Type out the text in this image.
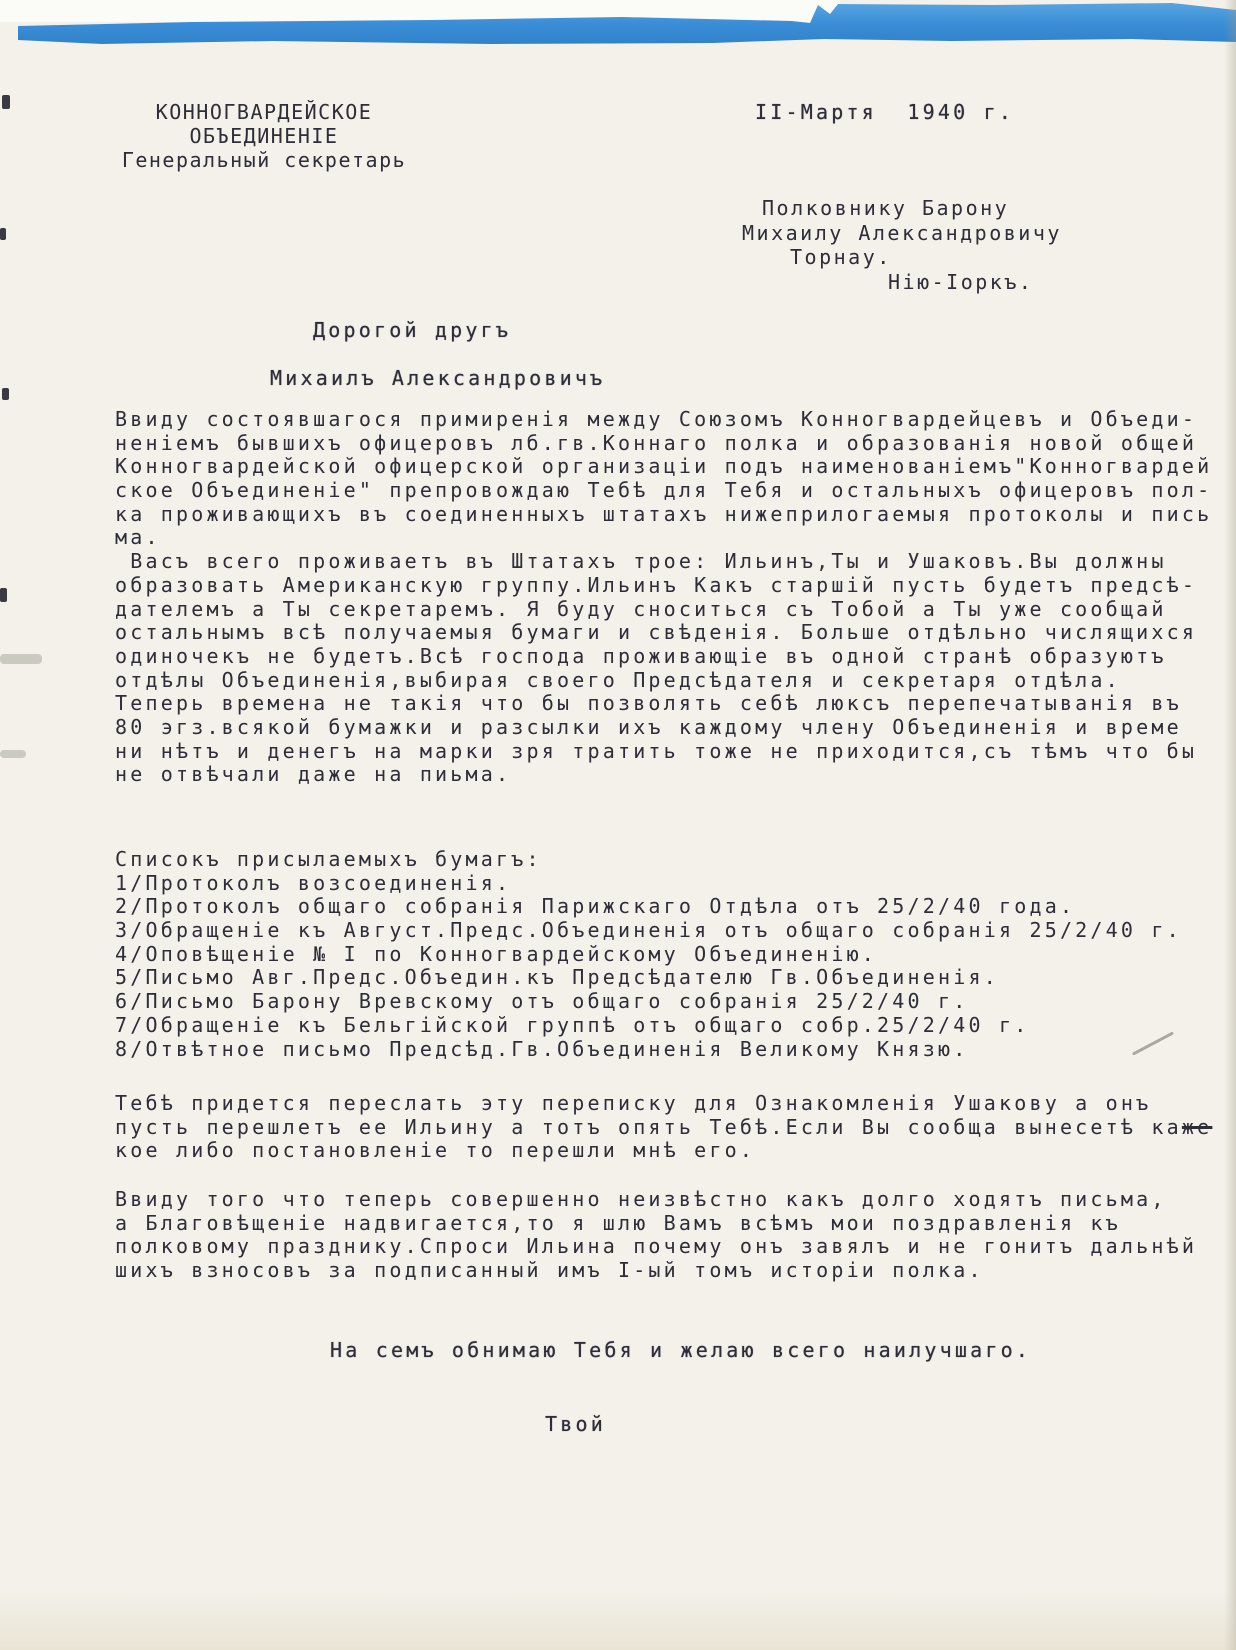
КОННОГВАРДЕЙСКОЕ
ОБЪЕДИНЕНIЕ
Генеральный секретарь
II-Мартя  1940 г.
Полковнику Барону
Михаилу Александровичу
Торнау.
Нію-Іоркъ.
Дорогой другъ
Михаилъ Александровичъ
Ввиду состоявшагося примиренія между Союзомъ Конногвардейцевъ и Объеди-
неніемъ бывшихъ офицеровъ лб.гв.Коннаго полка и образованія новой общей
Конногвардейской офицерской организаціи подъ наименованіемъ"Конногвардей
ское Объединеніе" препровождаю Тебѣ для Тебя и остальныхъ офицеровъ пол-
ка проживающихъ въ соединенныхъ штатахъ нижеприлогаемыя протоколы и пись
ма.
Васъ всего проживаетъ въ Штатахъ трое: Ильинъ,Ты и Ушаковъ.Вы должны
образовать Американскую группу.Ильинъ Какъ старшій пусть будетъ предсѣ-
дателемъ а Ты секретаремъ. Я буду сноситься съ Тобой а Ты уже сообщай
остальнымъ всѣ получаемыя бумаги и свѣденія. Больше отдѣльно числящихся
одиночекъ не будетъ.Всѣ господа проживающіе въ одной странѣ образуютъ
отдѣлы Объединенія,выбирая своего Предсѣдателя и секретаря отдѣла.
Теперь времена не такія что бы позволять себѣ люксъ перепечатыванія въ
80 эгз.всякой бумажки и разсылки ихъ каждому члену Объединенія и време
ни нѣтъ и денегъ на марки зря тратить тоже не приходится,съ тѣмъ что бы
не отвѣчали даже на пиьма.
Списокъ присылаемыхъ бумагъ:
1/Протоколъ возсоединенія.
2/Протоколъ общаго собранія Парижскаго Отдѣла отъ 25/2/40 года.
3/Обращеніе къ Август.Предс.Объединенія отъ общаго собранія 25/2/40 г.
4/Оповѣщеніе № I по Конногвардейскому Объединенію.
5/Письмо Авг.Предс.Объедин.къ Предсѣдателю Гв.Объединенія.
6/Письмо Барону Вревскому отъ общаго собранія 25/2/40 г.
7/Обращеніе къ Бельгійской группѣ отъ общаго собр.25/2/40 г.
8/Отвѣтное письмо Предсѣд.Гв.Объединенія Великому Князю.
Тебѣ придется переслать эту переписку для Ознакомленія Ушакову а онъ
пусть перешлетъ ее Ильину а тотъ опять Тебѣ.Если Вы сообща вынесетѣ каже
кое либо постановленіе то перешли мнѣ его.
Ввиду того что теперь совершенно неизвѣстно какъ долго ходятъ письма,
а Благовѣщеніе надвигается,то я шлю Вамъ всѣмъ мои поздравленія къ
полковому празднику.Спроси Ильина почему онъ завялъ и не гонитъ дальнѣй
шихъ взносовъ за подписанный имъ I-ый томъ исторіи полка.
На семъ обнимаю Тебя и желаю всего наилучшаго.
Твой
